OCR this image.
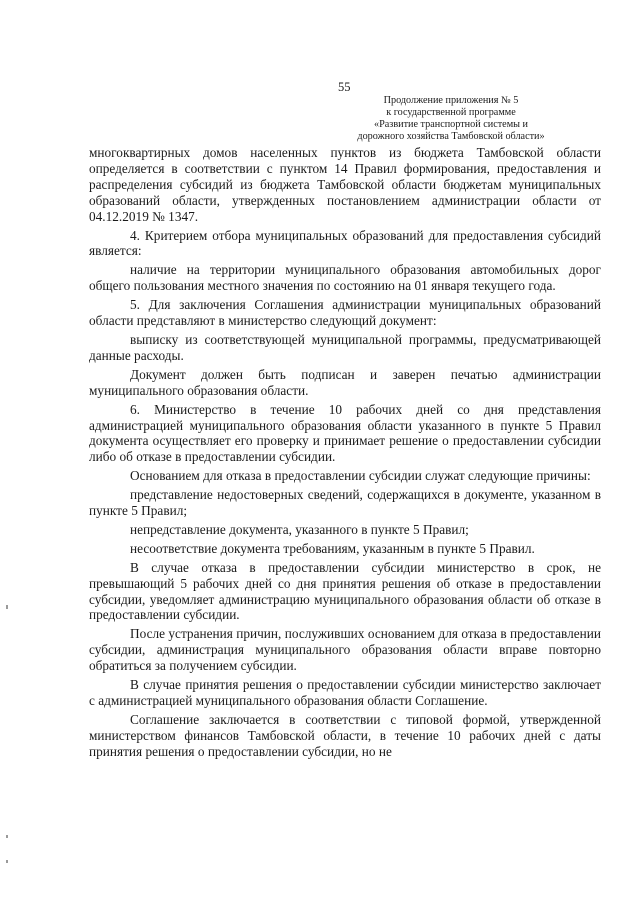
55
Продолжение приложения № 5
к государственной программе
«Развитие транспортной системы и
дорожного хозяйства Тамбовской области»

многоквартирных домов населенных пунктов из бюджета Тамбовской области определяется в соответствии с пунктом 14 Правил формирования, предоставления и распределения субсидий из бюджета Тамбовской области бюджетам муниципальных образований области, утвержденных постановлением администрации области от 04.12.2019 № 1347.

4. Критерием отбора муниципальных образований для предоставления субсидий является:

наличие на территории муниципального образования автомобильных дорог общего пользования местного значения по состоянию на 01 января текущего года.

5. Для заключения Соглашения администрации муниципальных образований области представляют в министерство следующий документ:

выписку из соответствующей муниципальной программы, предусматривающей данные расходы.

Документ должен быть подписан и заверен печатью администрации муниципального образования области.

6. Министерство в течение 10 рабочих дней со дня представления администрацией муниципального образования области указанного в пункте 5 Правил документа осуществляет его проверку и принимает решение о предоставлении субсидии либо об отказе в предоставлении субсидии.

Основанием для отказа в предоставлении субсидии служат следующие причины:

представление недостоверных сведений, содержащихся в документе, указанном в пункте 5 Правил;

непредставление документа, указанного в пункте 5 Правил;

несоответствие документа требованиям, указанным в пункте 5 Правил.

В случае отказа в предоставлении субсидии министерство в срок, не превышающий 5 рабочих дней со дня принятия решения об отказе в предоставлении субсидии, уведомляет администрацию муниципального образования области об отказе в предоставлении субсидии.

После устранения причин, послуживших основанием для отказа в предоставлении субсидии, администрация муниципального образования области вправе повторно обратиться за получением субсидии.

В случае принятия решения о предоставлении субсидии министерство заключает с администрацией муниципального образования области Соглашение.

Соглашение заключается в соответствии с типовой формой, утвержденной министерством финансов Тамбовской области, в течение 10 рабочих дней с даты принятия решения о предоставлении субсидии, но не
